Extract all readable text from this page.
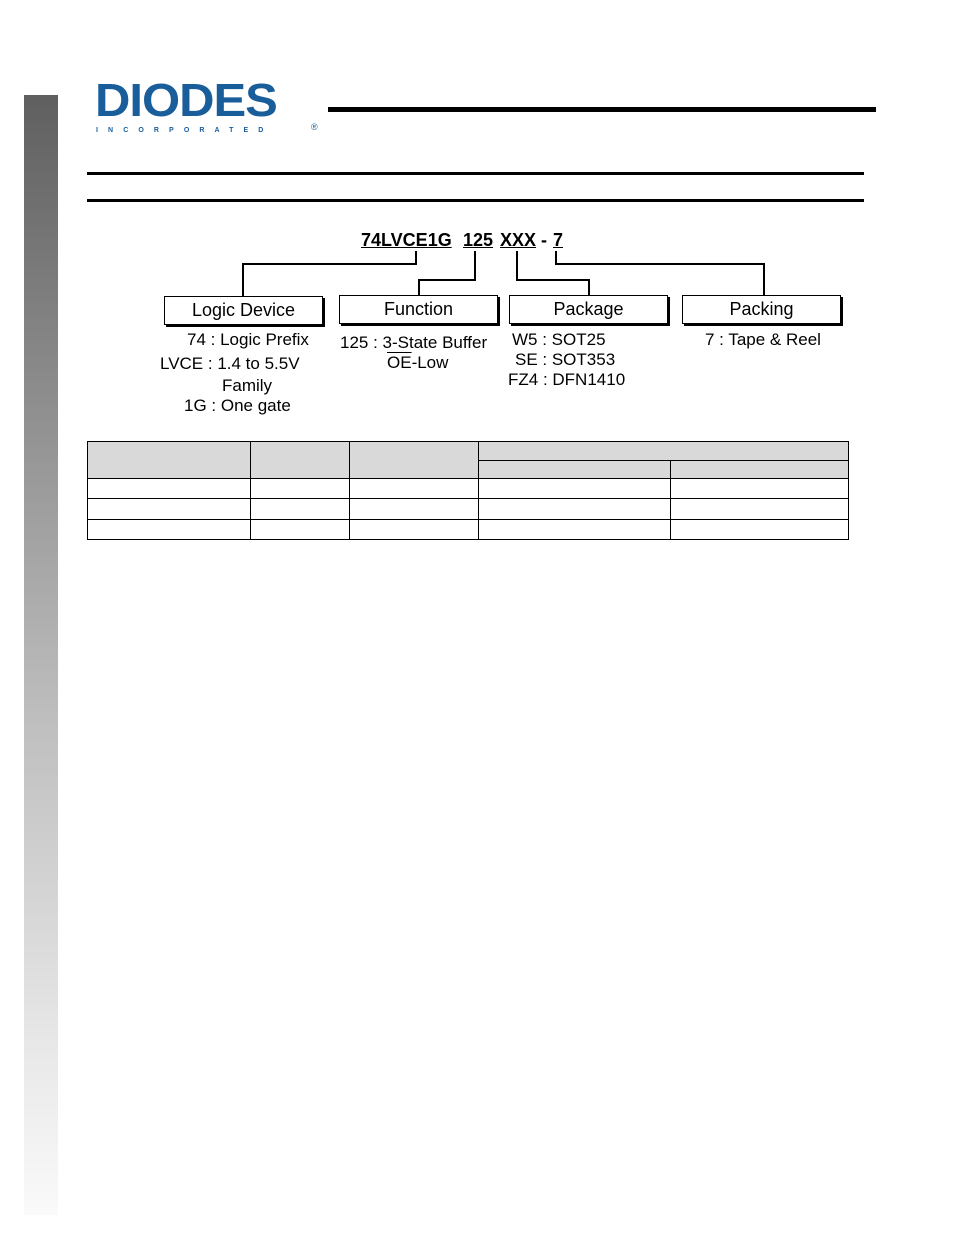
DIODES
INCORPORATED	®
74LVCE1G 125 XXX - 7
Logic Device	Function	Package	Packing
74 : Logic Prefix
LVCE : 1.4 to 5.5V
Family
1G : One gate
125 : 3-State Buffer
$\overline{OE}$-Low
W5 : SOT25
SE : SOT353
FZ4 : DFN1410
7 : Tape & Reel
